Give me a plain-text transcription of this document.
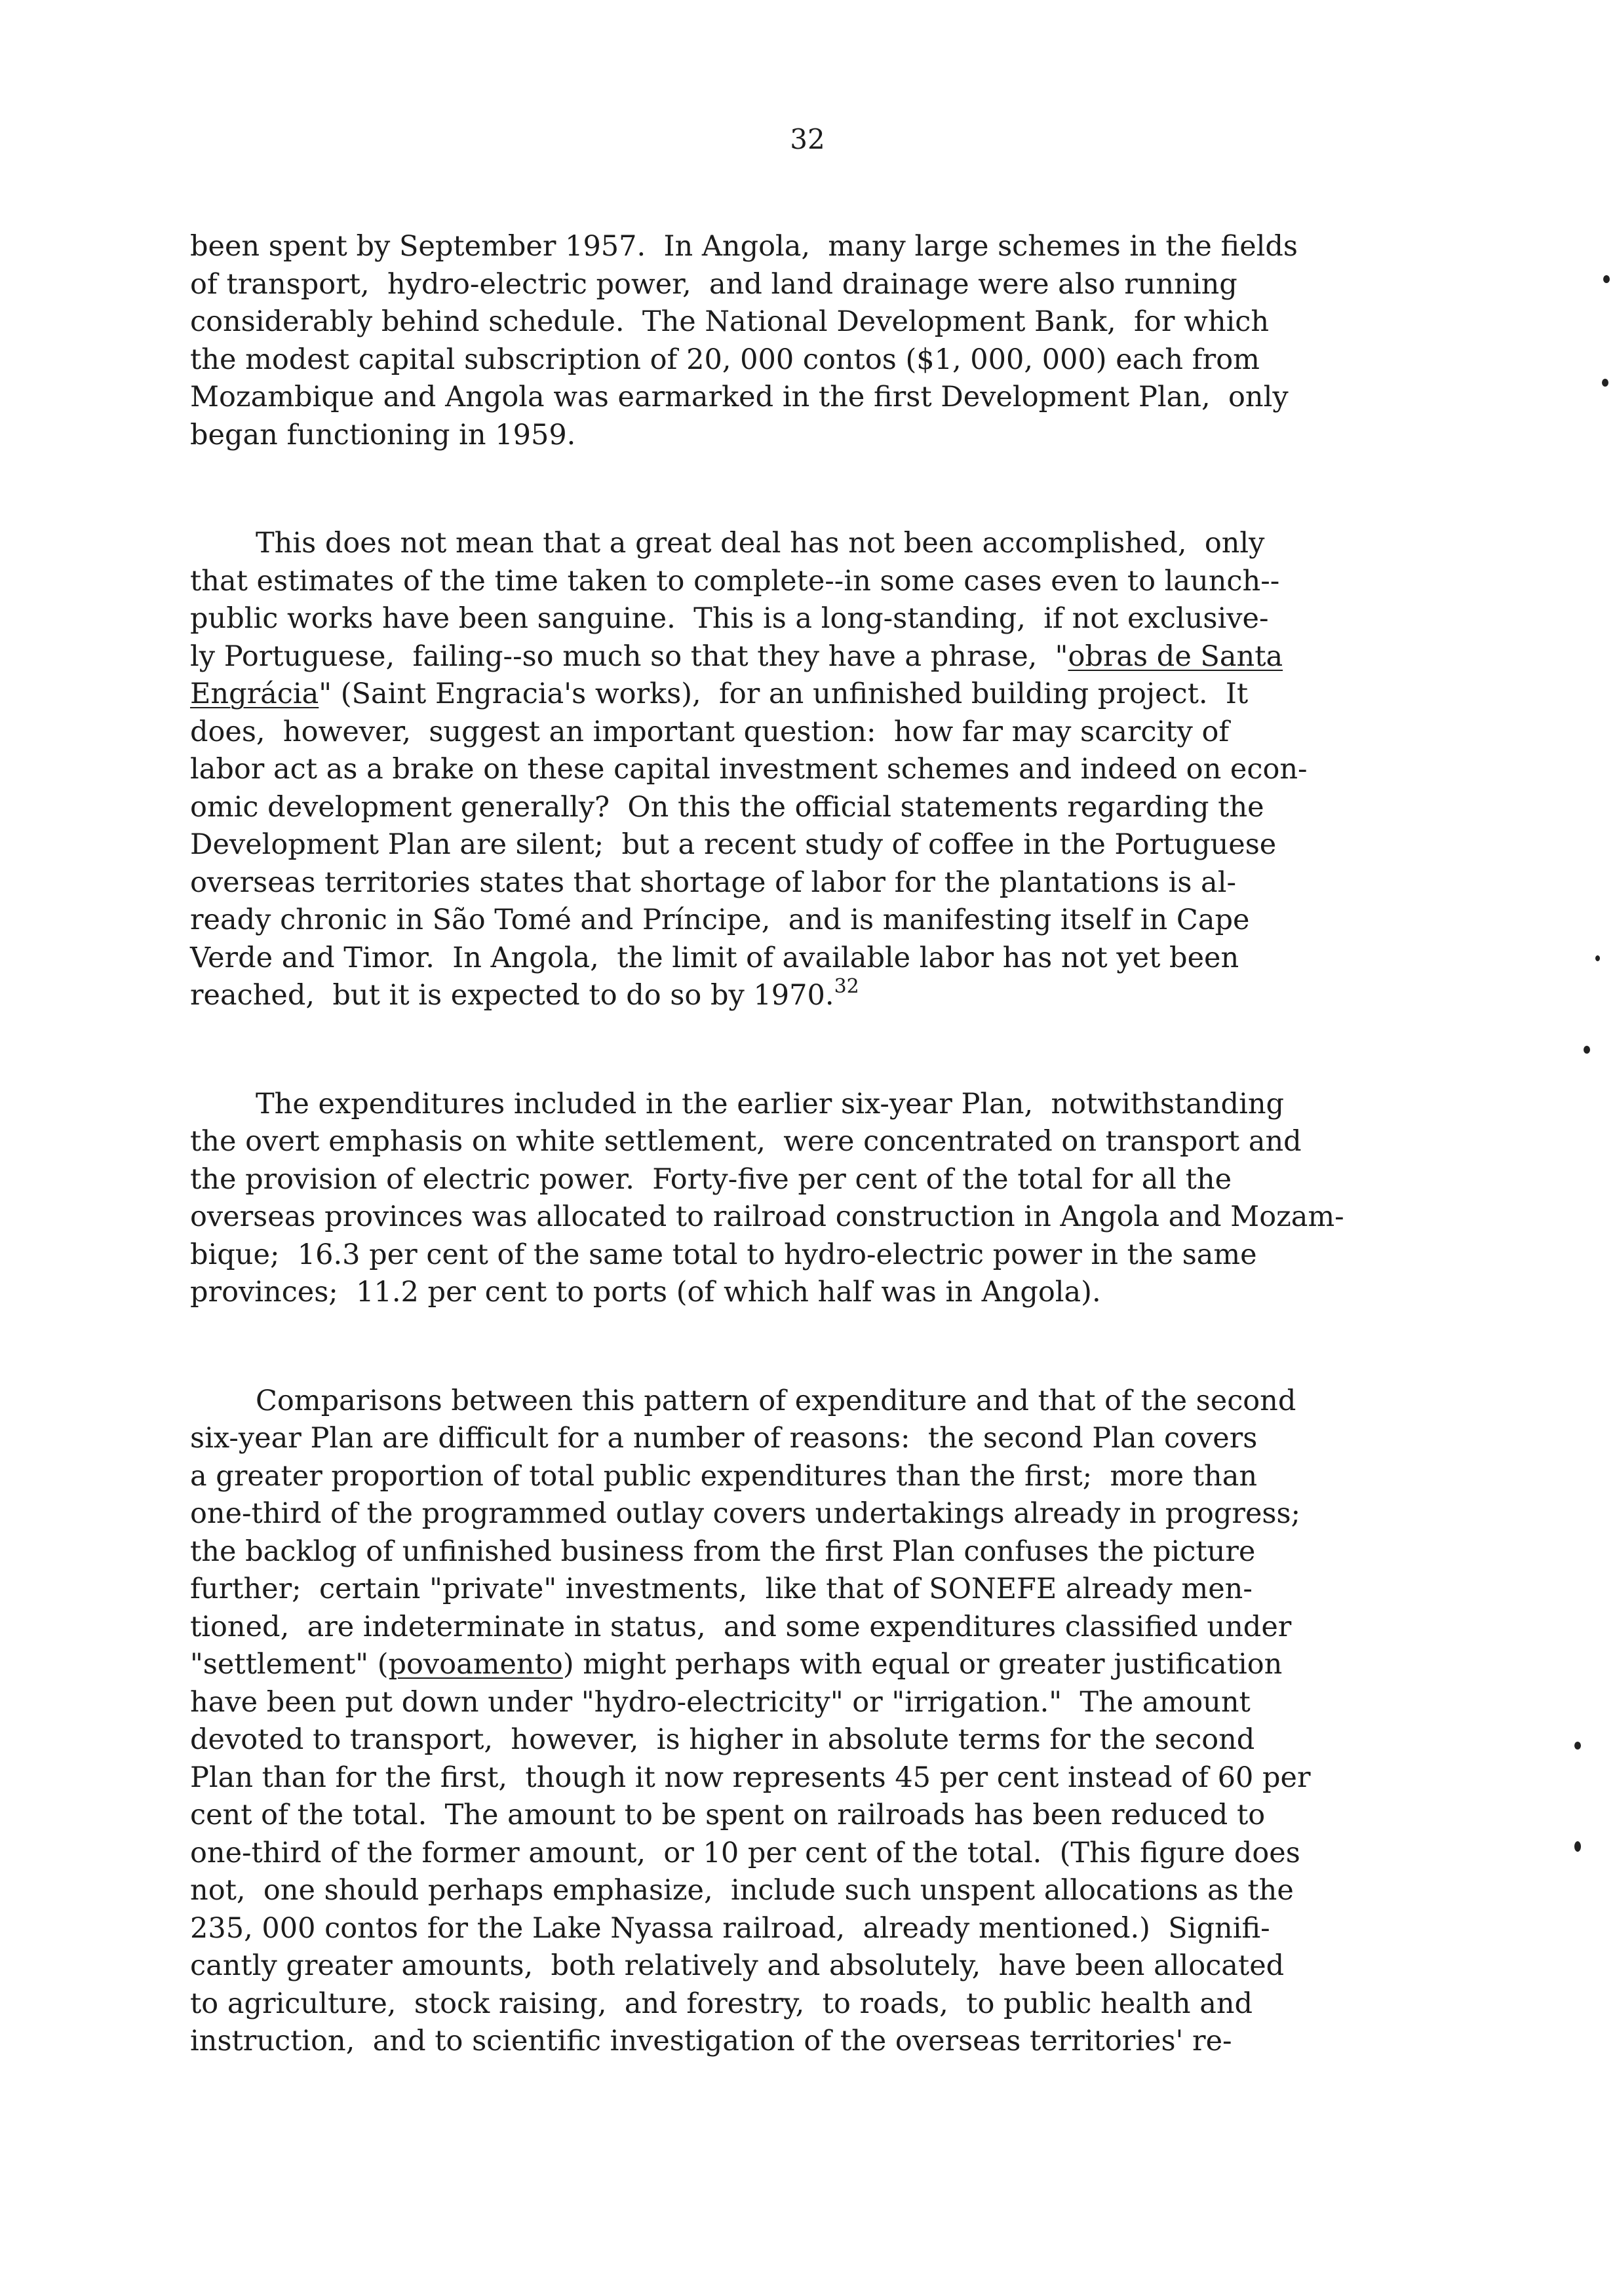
32
been spent by September 1957.  In Angola,  many large schemes in the fields
of transport,  hydro-electric power,  and land drainage were also running
considerably behind schedule.  The National Development Bank,  for which
the modest capital subscription of 20, 000 contos ($1, 000, 000) each from
Mozambique and Angola was earmarked in the first Development Plan,  only
began functioning in 1959.
This does not mean that a great deal has not been accomplished,  only
that estimates of the time taken to complete--in some cases even to launch--
public works have been sanguine.  This is a long-standing,  if not exclusive-
ly Portuguese,  failing--so much so that they have a phrase,  "obras de Santa
Engrácia" (Saint Engracia's works),  for an unfinished building project.  It
does,  however,  suggest an important question:  how far may scarcity of
labor act as a brake on these capital investment schemes and indeed on econ-
omic development generally?  On this the official statements regarding the
Development Plan are silent;  but a recent study of coffee in the Portuguese
overseas territories states that shortage of labor for the plantations is al-
ready chronic in São Tomé and Príncipe,  and is manifesting itself in Cape
Verde and Timor.  In Angola,  the limit of available labor has not yet been
reached,  but it is expected to do so by 1970.32
The expenditures included in the earlier six-year Plan,  notwithstanding
the overt emphasis on white settlement,  were concentrated on transport and
the provision of electric power.  Forty-five per cent of the total for all the
overseas provinces was allocated to railroad construction in Angola and Mozam-
bique;  16.3 per cent of the same total to hydro-electric power in the same
provinces;  11.2 per cent to ports (of which half was in Angola).
Comparisons between this pattern of expenditure and that of the second
six-year Plan are difficult for a number of reasons:  the second Plan covers
a greater proportion of total public expenditures than the first;  more than
one-third of the programmed outlay covers undertakings already in progress;
the backlog of unfinished business from the first Plan confuses the picture
further;  certain "private" investments,  like that of SONEFE already men-
tioned,  are indeterminate in status,  and some expenditures classified under
"settlement" (povoamento) might perhaps with equal or greater justification
have been put down under "hydro-electricity" or "irrigation."  The amount
devoted to transport,  however,  is higher in absolute terms for the second
Plan than for the first,  though it now represents 45 per cent instead of 60 per
cent of the total.  The amount to be spent on railroads has been reduced to
one-third of the former amount,  or 10 per cent of the total.  (This figure does
not,  one should perhaps emphasize,  include such unspent allocations as the
235, 000 contos for the Lake Nyassa railroad,  already mentioned.)  Signifi-
cantly greater amounts,  both relatively and absolutely,  have been allocated
to agriculture,  stock raising,  and forestry,  to roads,  to public health and
instruction,  and to scientific investigation of the overseas territories' re-
